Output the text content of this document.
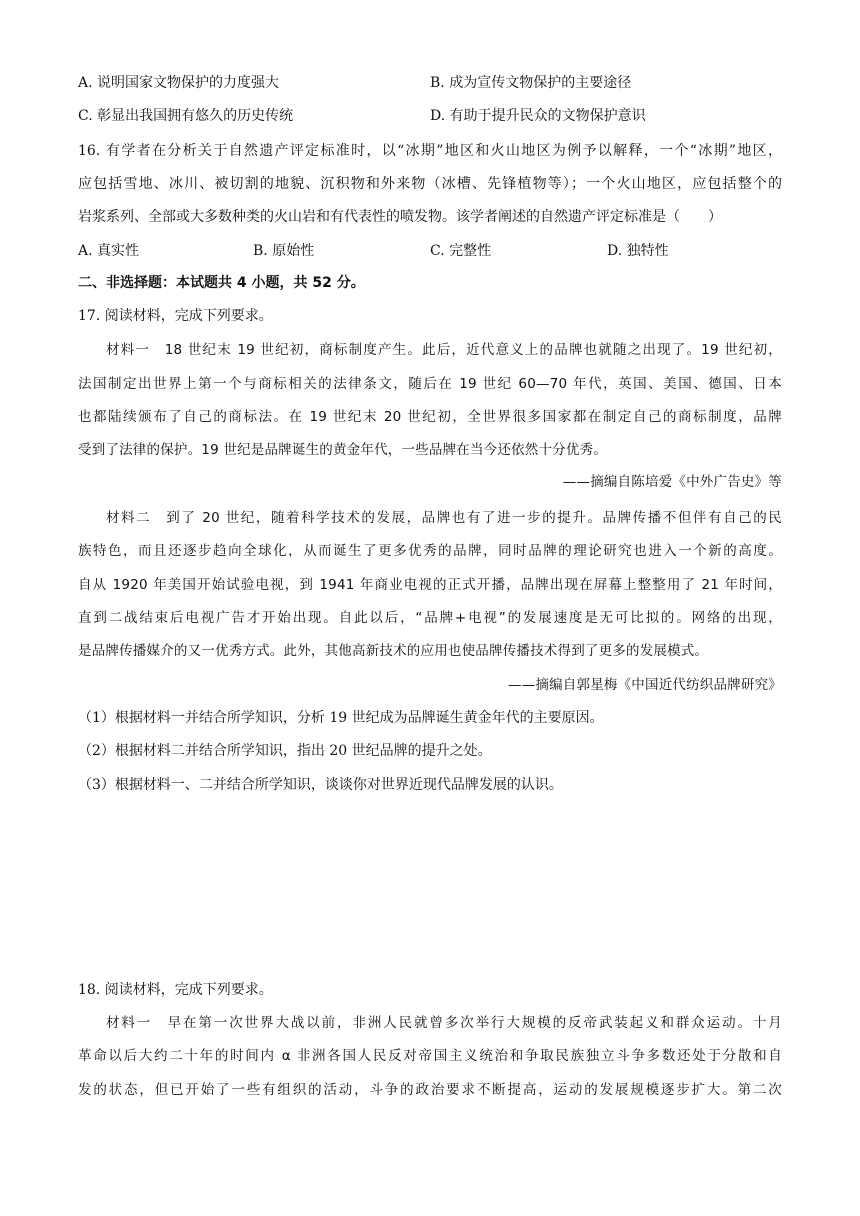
A. 说明国家文物保护的力度强大	B. 成为宣传文物保护的主要途径
C. 彰显出我国拥有悠久的历史传统	D. 有助于提升民众的文物保护意识
16. 有学者在分析关于自然遗产评定标准时，以“冰期”地区和火山地区为例予以解释，一个“冰期”地区，
应包括雪地、冰川、被切割的地貌、沉积物和外来物（冰槽、先锋植物等）；一个火山地区，应包括整个的
岩浆系列、全部或大多数种类的火山岩和有代表性的喷发物。该学者阐述的自然遗产评定标准是（　　）
A. 真实性	B. 原始性	C. 完整性	D. 独特性
二、非选择题：本试题共 4 小题，共 52 分。
17. 阅读材料，完成下列要求。
材料一　18 世纪末 19 世纪初，商标制度产生。此后，近代意义上的品牌也就随之出现了。19 世纪初，
法国制定出世界上第一个与商标相关的法律条文，随后在 19 世纪 60—70 年代，英国、美国、德国、日本
也都陆续颁布了自己的商标法。在 19 世纪末 20 世纪初，全世界很多国家都在制定自己的商标制度，品牌
受到了法律的保护。19 世纪是品牌诞生的黄金年代，一些品牌在当今还依然十分优秀。
——摘编自陈培爱《中外广告史》等
材料二　到了 20 世纪，随着科学技术的发展，品牌也有了进一步的提升。品牌传播不但伴有自己的民
族特色，而且还逐步趋向全球化，从而诞生了更多优秀的品牌，同时品牌的理论研究也进入一个新的高度。
自从 1920 年美国开始试验电视，到 1941 年商业电视的正式开播，品牌出现在屏幕上整整用了 21 年时间，
直到二战结束后电视广告才开始出现。自此以后，“品牌+电视”的发展速度是无可比拟的。网络的出现，
是品牌传播媒介的又一优秀方式。此外，其他高新技术的应用也使品牌传播技术得到了更多的发展模式。
——摘编自郭星梅《中国近代纺织品牌研究》
（1）根据材料一并结合所学知识，分析 19 世纪成为品牌诞生黄金年代的主要原因。
（2）根据材料二并结合所学知识，指出 20 世纪品牌的提升之处。
（3）根据材料一、二并结合所学知识，谈谈你对世界近现代品牌发展的认识。
18. 阅读材料，完成下列要求。
材料一　早在第一次世界大战以前，非洲人民就曾多次举行大规模的反帝武装起义和群众运动。十月
革命以后大约二十年的时间内 α 非洲各国人民反对帝国主义统治和争取民族独立斗争多数还处于分散和自
发的状态，但已开始了一些有组织的活动，斗争的政治要求不断提高，运动的发展规模逐步扩大。第二次
